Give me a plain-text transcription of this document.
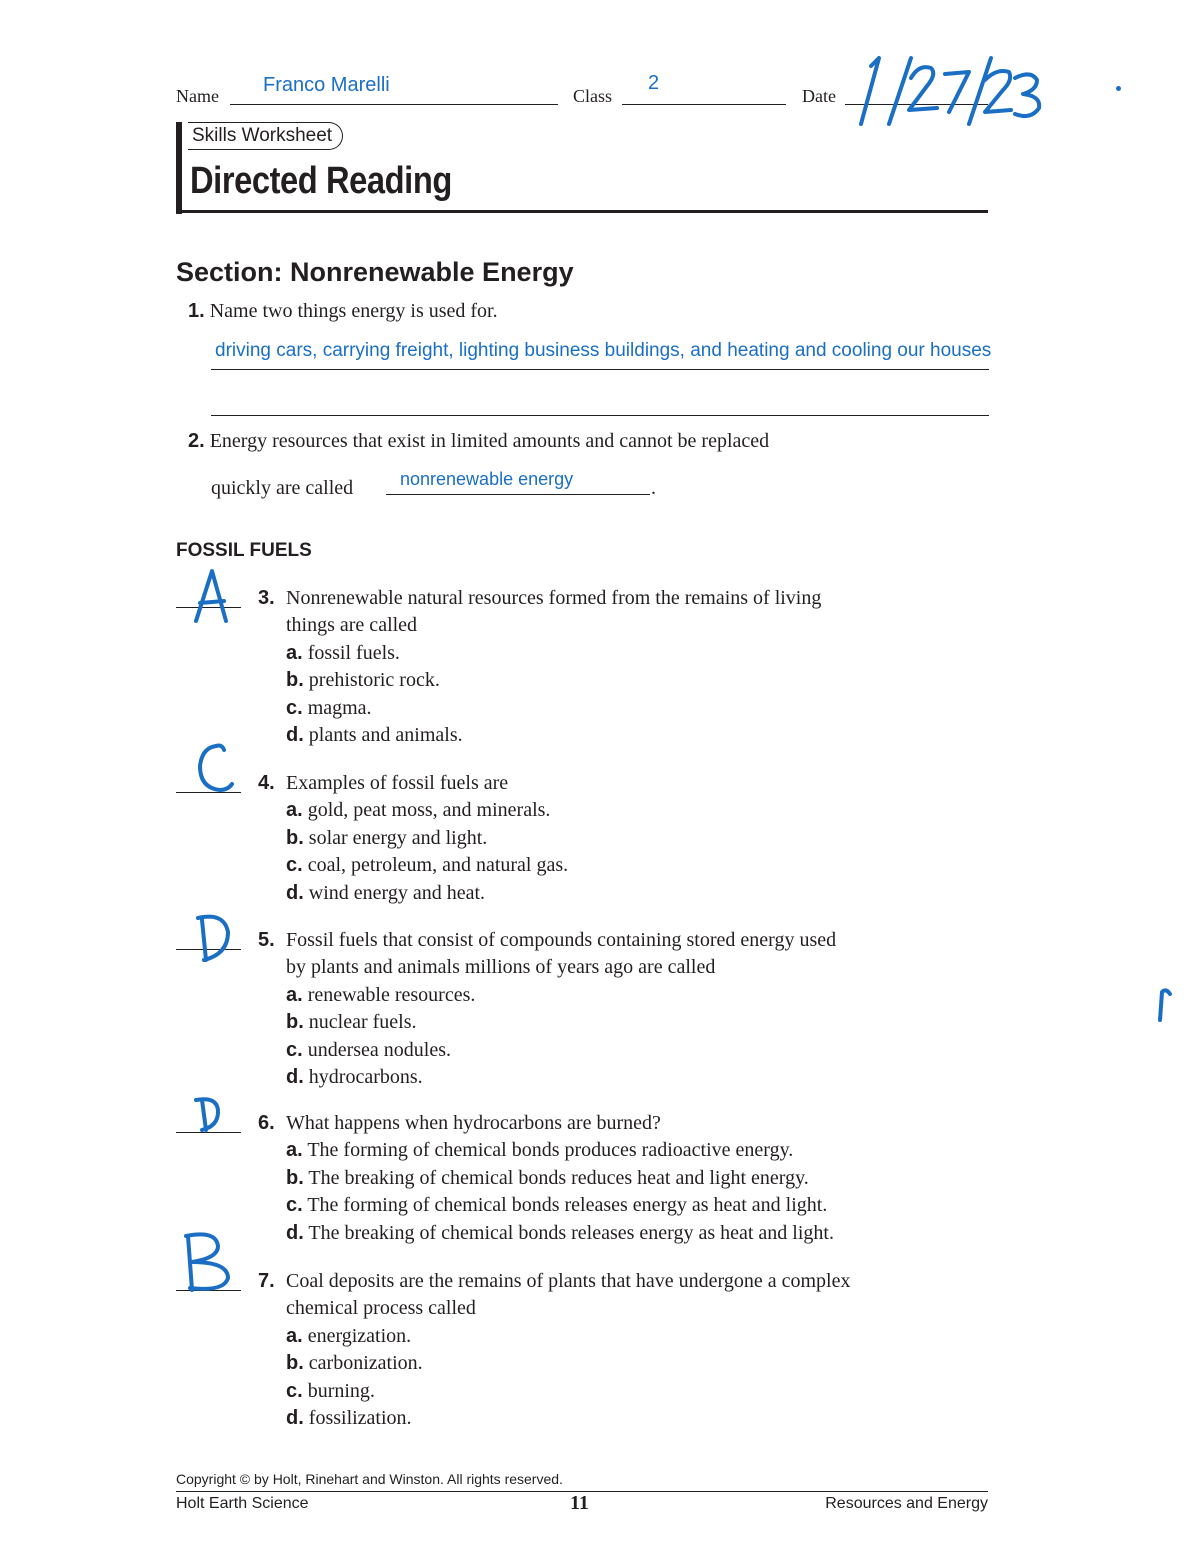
Name Franco Marelli	Class
2
Date
Skills Worksheet
Directed Reading
Section: Nonrenewable Energy
1. Name two things energy is used for.
driving cars, carrying freight, lighting business buildings, and heating and cooling our houses
2. Energy resources that exist in limited amounts and cannot be replaced
quickly are called	nonrenewable energy	.
FOSSIL FUELS
3. Nonrenewable natural resources formed from the remains of living
things are called
a. fossil fuels.
b. prehistoric rock.
c. magma.
d. plants and animals.
4. Examples of fossil fuels are
a. gold, peat moss, and minerals.
b. solar energy and light.
c. coal, petroleum, and natural gas.
d. wind energy and heat.
5. Fossil fuels that consist of compounds containing stored energy used
by plants and animals millions of years ago are called
a. renewable resources.
b. nuclear fuels.
c. undersea nodules.
d. hydrocarbons.
6. What happens when hydrocarbons are burned?
a. The forming of chemical bonds produces radioactive energy.
b. The breaking of chemical bonds reduces heat and light energy.
c. The forming of chemical bonds releases energy as heat and light.
d. The breaking of chemical bonds releases energy as heat and light.
7. Coal deposits are the remains of plants that have undergone a complex
chemical process called
a. energization.
b. carbonization.
c. burning.
d. fossilization.
Copyright © by Holt, Rinehart and Winston. All rights reserved.
Holt Earth Science	11	Resources and Energy
